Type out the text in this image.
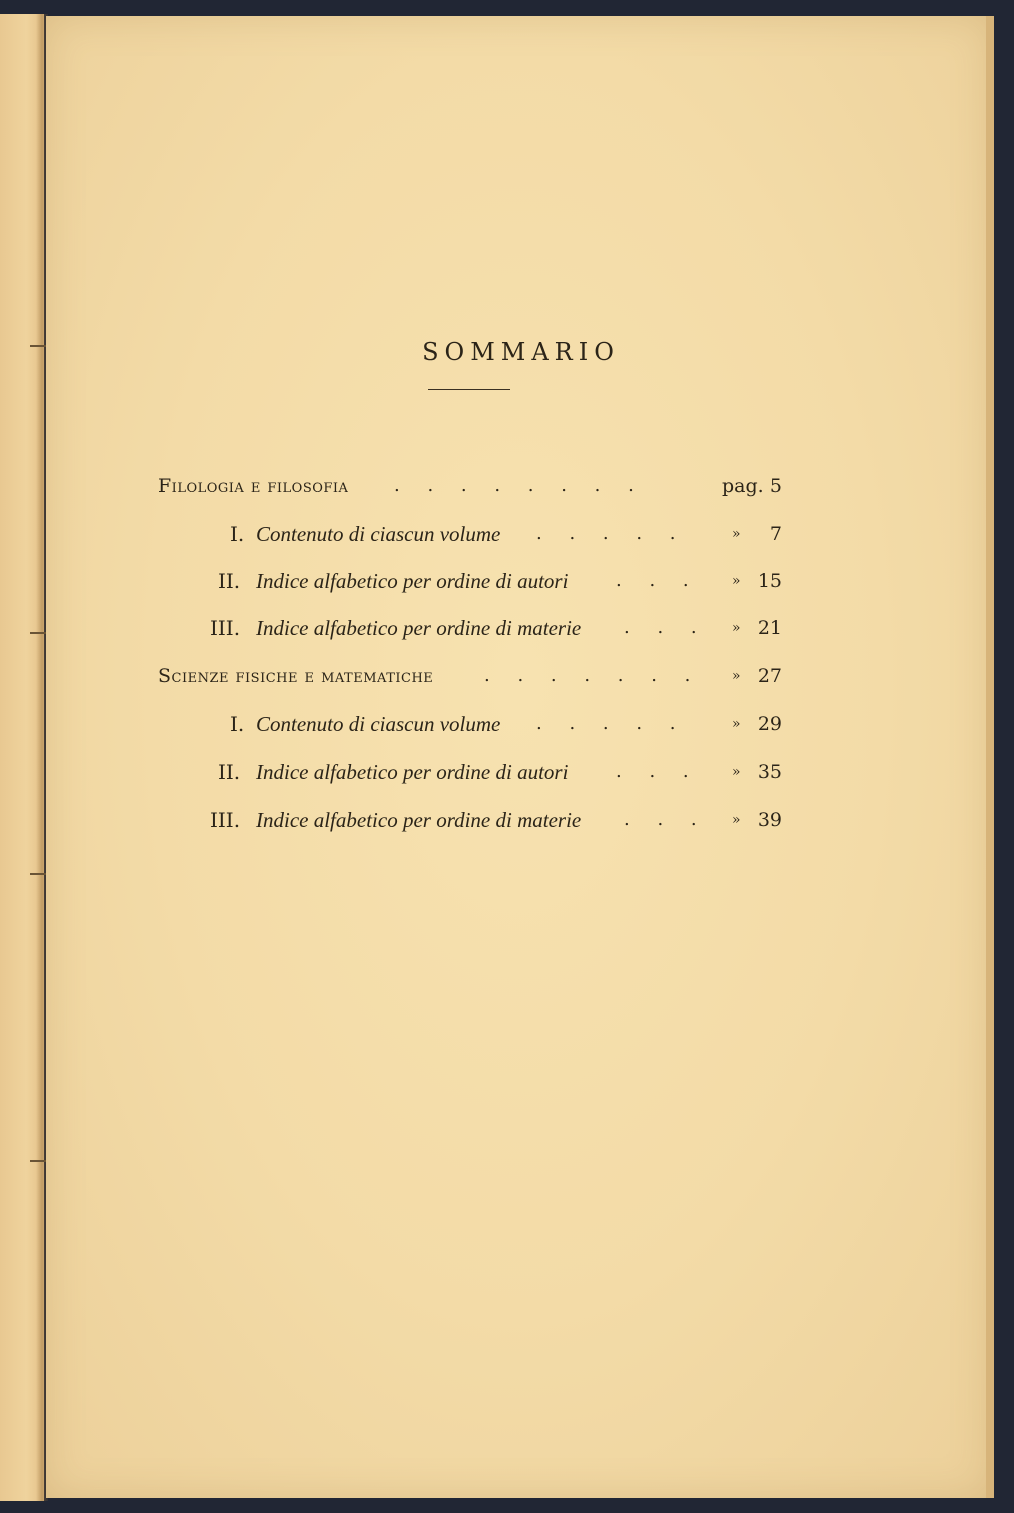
SOMMARIO
Filologia e filosofia	. . . . . . . .	pag. 5
I. Contenuto di ciascun volume . . . . .	»	7
II. Indice alfabetico per ordine di autori	. . . » 15
III. Indice alfabetico per ordine di materie . . . » 21
Scienze fisiche e matematiche	. . . . . . . » 27
I. Contenuto di ciascun volume . . . . .	» 29
II. Indice alfabetico per ordine di autori	. . . » 35
III. Indice alfabetico per ordine di materie . . . » 39
